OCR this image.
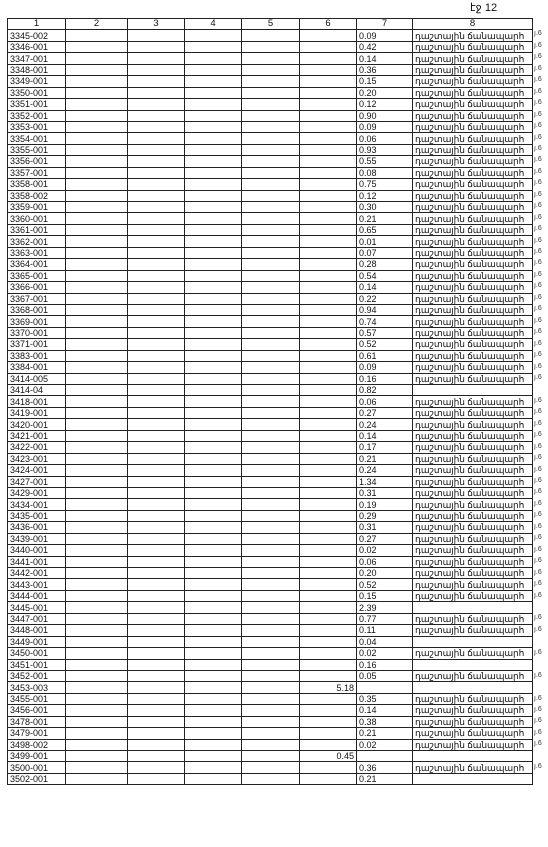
էջ 12
1	2	3	4	5	6	7	8
3345-002						0.09	դաշտային ճանապարհ
3346-001						0.42	դաշտային ճանապարհ
3347-001						0.14	դաշտային ճանապարհ
3348-001						0.36	դաշտային ճանապարհ
3349-001						0.15	դաշտային ճանապարհ
3350-001						0.20	դաշտային ճանապարհ
3351-001						0.12	դաշտային ճանապարհ
3352-001						0.90	դաշտային ճանապարհ
3353-001						0.09	դաշտային ճանապարհ
3354-001						0.06	դաշտային ճանապարհ
3355-001						0.93	դաշտային ճանապարհ
3356-001						0.55	դաշտային ճանապարհ
3357-001						0.08	դաշտային ճանապարհ
3358-001						0.75	դաշտային ճանապարհ
3358-002						0.12	դաշտային ճանապարհ
3359-001						0.30	դաշտային ճանապարհ
3360-001						0.21	դաշտային ճանապարհ
3361-001						0.65	դաշտային ճանապարհ
3362-001						0.01	դաշտային ճանապարհ
3363-001						0.07	դաշտային ճանապարհ
3364-001						0.28	դաշտային ճանապարհ
3365-001						0.54	դաշտային ճանապարհ
3366-001						0.14	դաշտային ճանապարհ
3367-001						0.22	դաշտային ճանապարհ
3368-001						0.94	դաշտային ճանապարհ
3369-001						0.74	դաշտային ճանապարհ
3370-001						0.57	դաշտային ճանապարհ
3371-001						0.52	դաշտային ճանապարհ
3383-001						0.61	դաշտային ճանապարհ
3384-001						0.09	դաշտային ճանապարհ
3414-005						0.16	դաշտային ճանապարհ
3414-04						0.82	
3418-001						0.06	դաշտային ճանապարհ
3419-001						0.27	դաշտային ճանապարհ
3420-001						0.24	դաշտային ճանապարհ
3421-001						0.14	դաշտային ճանապարհ
3422-001						0.17	դաշտային ճանապարհ
3423-001						0.21	դաշտային ճանապարհ
3424-001						0.24	դաշտային ճանապարհ
3427-001						1.34	դաշտային ճանապարհ
3429-001						0.31	դաշտային ճանապարհ
3434-001						0.19	դաշտային ճանապարհ
3435-001						0.29	դաշտային ճանապարհ
3436-001						0.31	դաշտային ճանապարհ
3439-001						0.27	դաշտային ճանապարհ
3440-001						0.02	դաշտային ճանապարհ
3441-001						0.06	դաշտային ճանապարհ
3442-001						0.20	դաշտային ճանապարհ
3443-001						0.52	դաշտային ճանապարհ
3444-001						0.15	դաշտային ճանապարհ
3445-001						2.39	
3447-001						0.77	դաշտային ճանապարհ
3448-001						0.11	դաշտային ճանապարհ
3449-001						0.04	
3450-001						0.02	դաշտային ճանապարհ
3451-001						0.16	
3452-001						0.05	դաշտային ճանապարհ
3453-003					5.18		
3455-001						0.35	դաշտային ճանապարհ
3456-001						0.14	դաշտային ճանապարհ
3478-001						0.38	դաշտային ճանապարհ
3479-001						0.21	դաշտային ճանապարհ
3498-002						0.02	դաշտային ճանապարհ
3499-001					0.45		
3500-001						0.36	դաշտային ճանապարհ
3502-001						0.21	
յ.6
յ.6
յ.6
յ.6
յ.6
յ.6
յ.6
յ.6
յ.6
յ.6
յ.6
յ.6
յ.6
յ.6
յ.6
յ.6
յ.6
յ.6
յ.6
յ.6
յ.6
յ.6
յ.6
յ.6
յ.6
յ.6
յ.6
յ.6
յ.6
յ.6
յ.6
յ.6
յ.6
յ.6
յ.6
յ.6
յ.6
յ.6
յ.6
յ.6
յ.6
յ.6
յ.6
յ.6
յ.6
յ.6
յ.6
յ.6
յ.6
յ.6
յ.6
յ.6
յ.6
յ.6
յ.6
յ.6
յ.6
յ.6
յ.6
